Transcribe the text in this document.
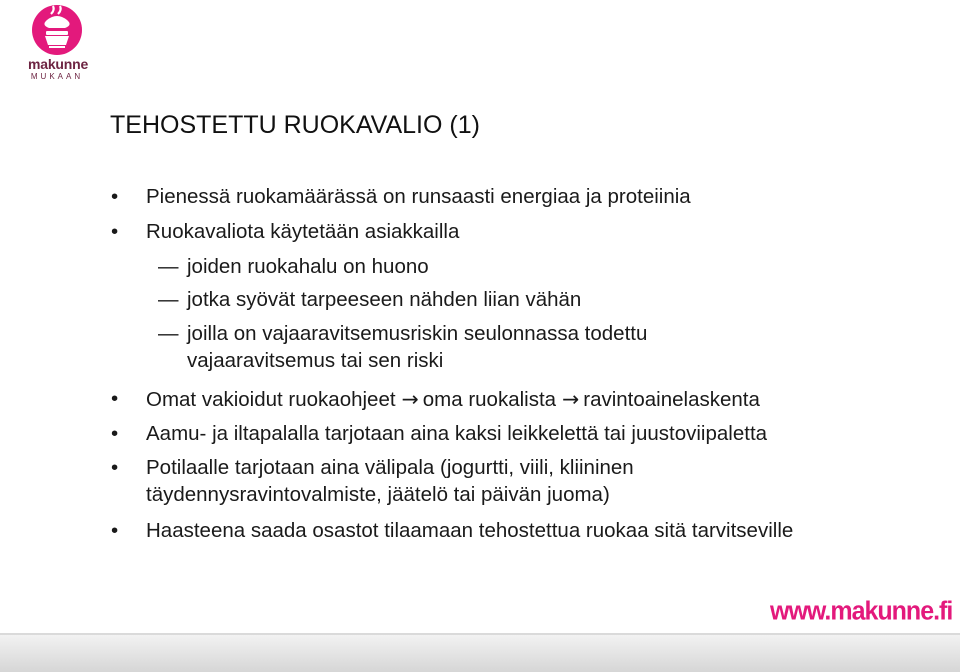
makunne
MUKAAN
TEHOSTETTU RUOKAVALIO (1)
• Pienessä ruokamäärässä on runsaasti energiaa ja proteiinia
• Ruokavaliota käytetään asiakkailla
— joiden ruokahalu on huono
— jotka syövät tarpeeseen nähden liian vähän
— joilla on vajaaravitsemusriskin seulonnassa todettu
vajaaravitsemus tai sen riski
• Omat vakioidut ruokaohjeet → oma ruokalista → ravintoainelaskenta
• Aamu- ja iltapalalla tarjotaan aina kaksi leikkelettä tai juustoviipaletta
• Potilaalle tarjotaan aina välipala (jogurtti, viili, kliininen
täydennysravintovalmiste, jäätelö tai päivän juoma)
• Haasteena saada osastot tilaamaan tehostettua ruokaa sitä tarvitseville
www.makunne.fi
